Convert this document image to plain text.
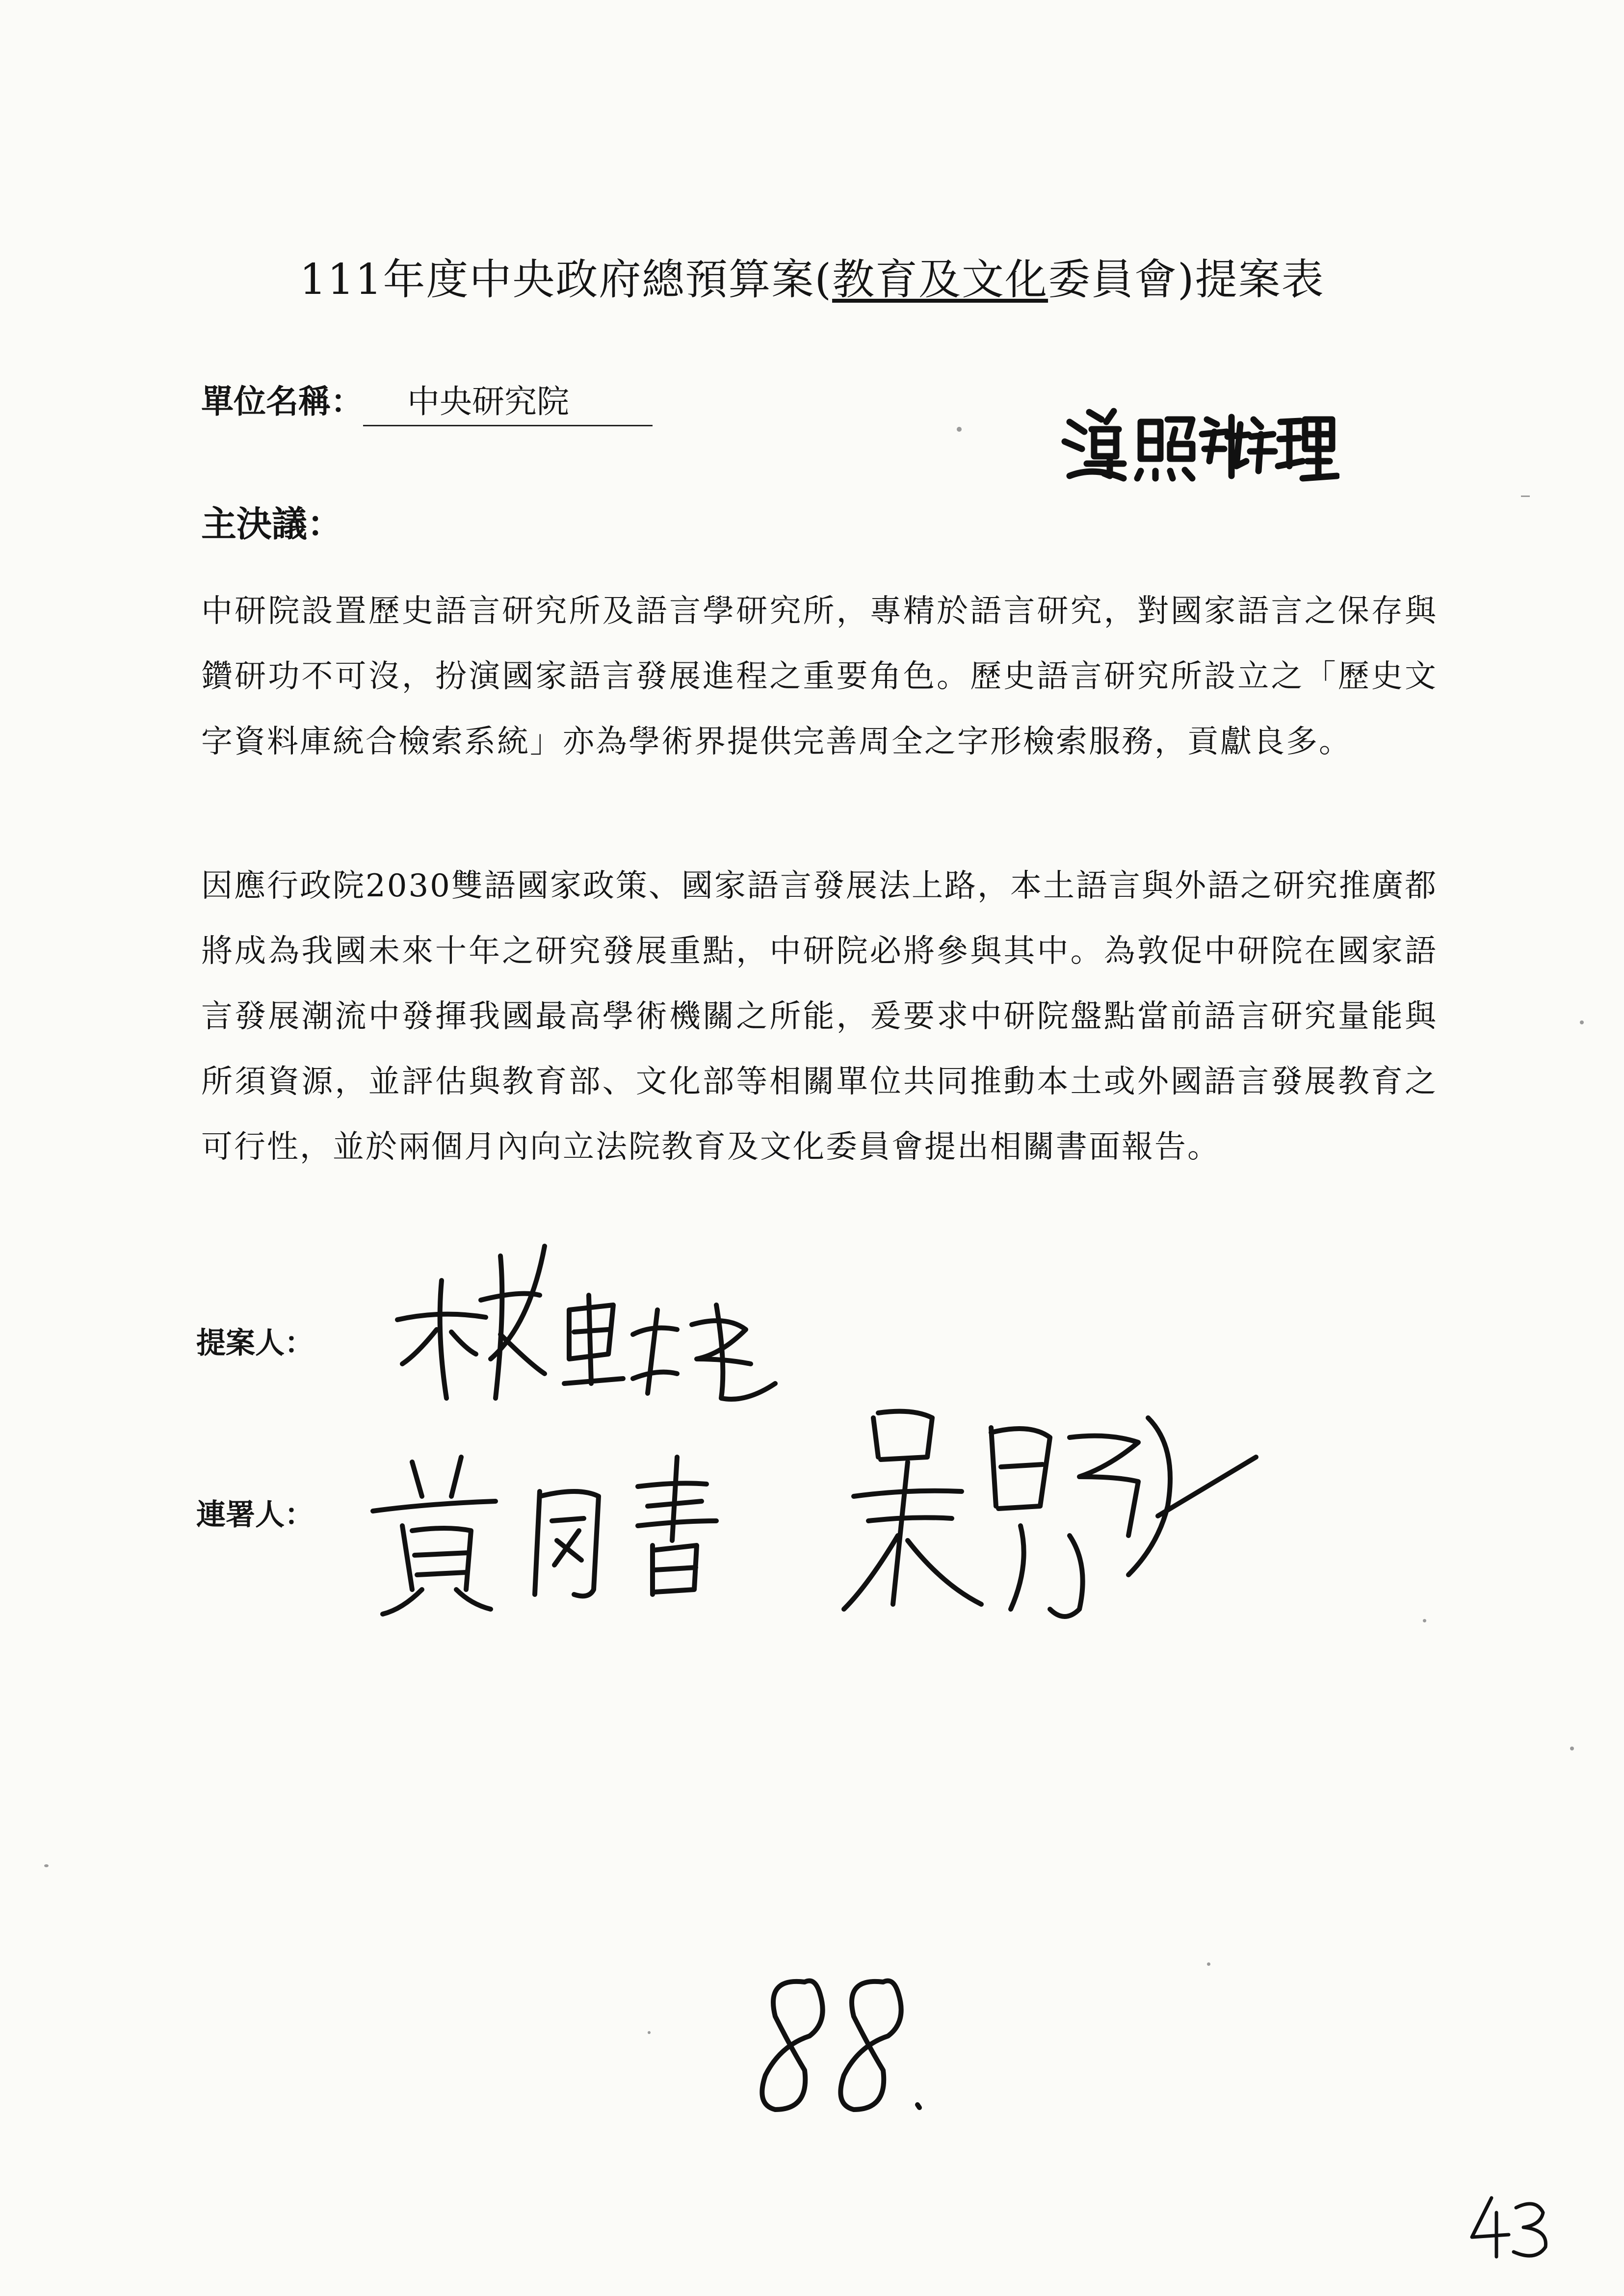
111年度中央政府總預算案(教育及文化委員會)提案表
單位名稱：	中央研究院
主決議：
中研院設置歷史語言研究所及語言學研究所，專精於語言研究，對國家語言之保存與鑽研功不可沒，扮演國家語言發展進程之重要角色。歷史語言研究所設立之「歷史文字資料庫統合檢索系統」亦為學術界提供完善周全之字形檢索服務，貢獻良多。
因應行政院2030雙語國家政策、國家語言發展法上路，本土語言與外語之研究推廣都將成為我國未來十年之研究發展重點，中研院必將參與其中。為敦促中研院在國家語言發展潮流中發揮我國最高學術機關之所能，爰要求中研院盤點當前語言研究量能與所須資源，並評估與教育部、文化部等相關單位共同推動本土或外國語言發展教育之可行性，並於兩個月內向立法院教育及文化委員會提出相關書面報告。
提案人：
連署人：
